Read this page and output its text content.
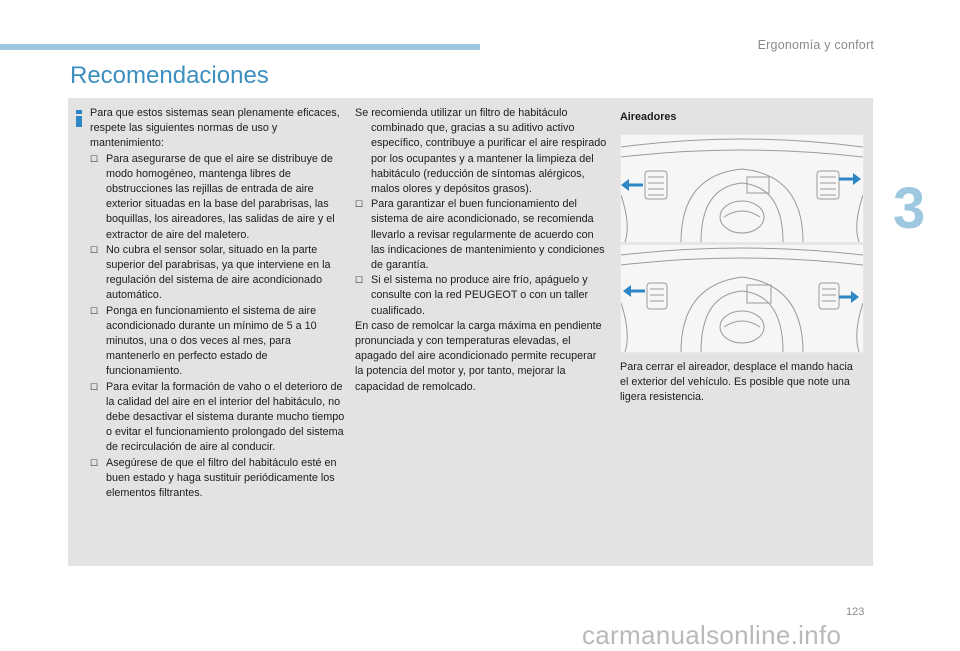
Ergonomía y confort
3
Recomendaciones

Para que estos sistemas sean plenamente eficaces, respete las siguientes normas de uso y mantenimiento:

☐ Para asegurarse de que el aire se distribuye de modo homogéneo, mantenga libres de obstrucciones las rejillas de entrada de aire exterior situadas en la base del parabrisas, las boquillas, los aireadores, las salidas de aire y el extractor de aire del maletero.
☐ No cubra el sensor solar, situado en la parte superior del parabrisas, ya que interviene en la regulación del sistema de aire acondicionado automático.
☐ Ponga en funcionamiento el sistema de aire acondicionado durante un mínimo de 5 a 10 minutos, una o dos veces al mes, para mantenerlo en perfecto estado de funcionamiento.
☐ Para evitar la formación de vaho o el deterioro de la calidad del aire en el interior del habitáculo, no debe desactivar el sistema durante mucho tiempo o evitar el funcionamiento prolongado del sistema de recirculación de aire al conducir.
☐ Asegúrese de que el filtro del habitáculo esté en buen estado y haga sustituir periódicamente los elementos filtrantes.

Se recomienda utilizar un filtro de habitáculo combinado que, gracias a su aditivo activo específico, contribuye a purificar el aire respirado por los ocupantes y a mantener la limpieza del habitáculo (reducción de síntomas alérgicos, malos olores y depósitos grasos).

☐ Para garantizar el buen funcionamiento del sistema de aire acondicionado, se recomienda llevarlo a revisar regularmente de acuerdo con las indicaciones de mantenimiento y condiciones de garantía.
☐ Si el sistema no produce aire frío, apáguelo y consulte con la red PEUGEOT o con un taller cualificado.

En caso de remolcar la carga máxima en pendiente pronunciada y con temperaturas elevadas, el apagado del aire acondicionado permite recuperar la potencia del motor y, por tanto, mejorar la capacidad de remolcado.

Aireadores

Para cerrar el aireador, desplace el mando hacia el exterior del vehículo. Es posible que note una ligera resistencia.
123
carmanualsonline.info
